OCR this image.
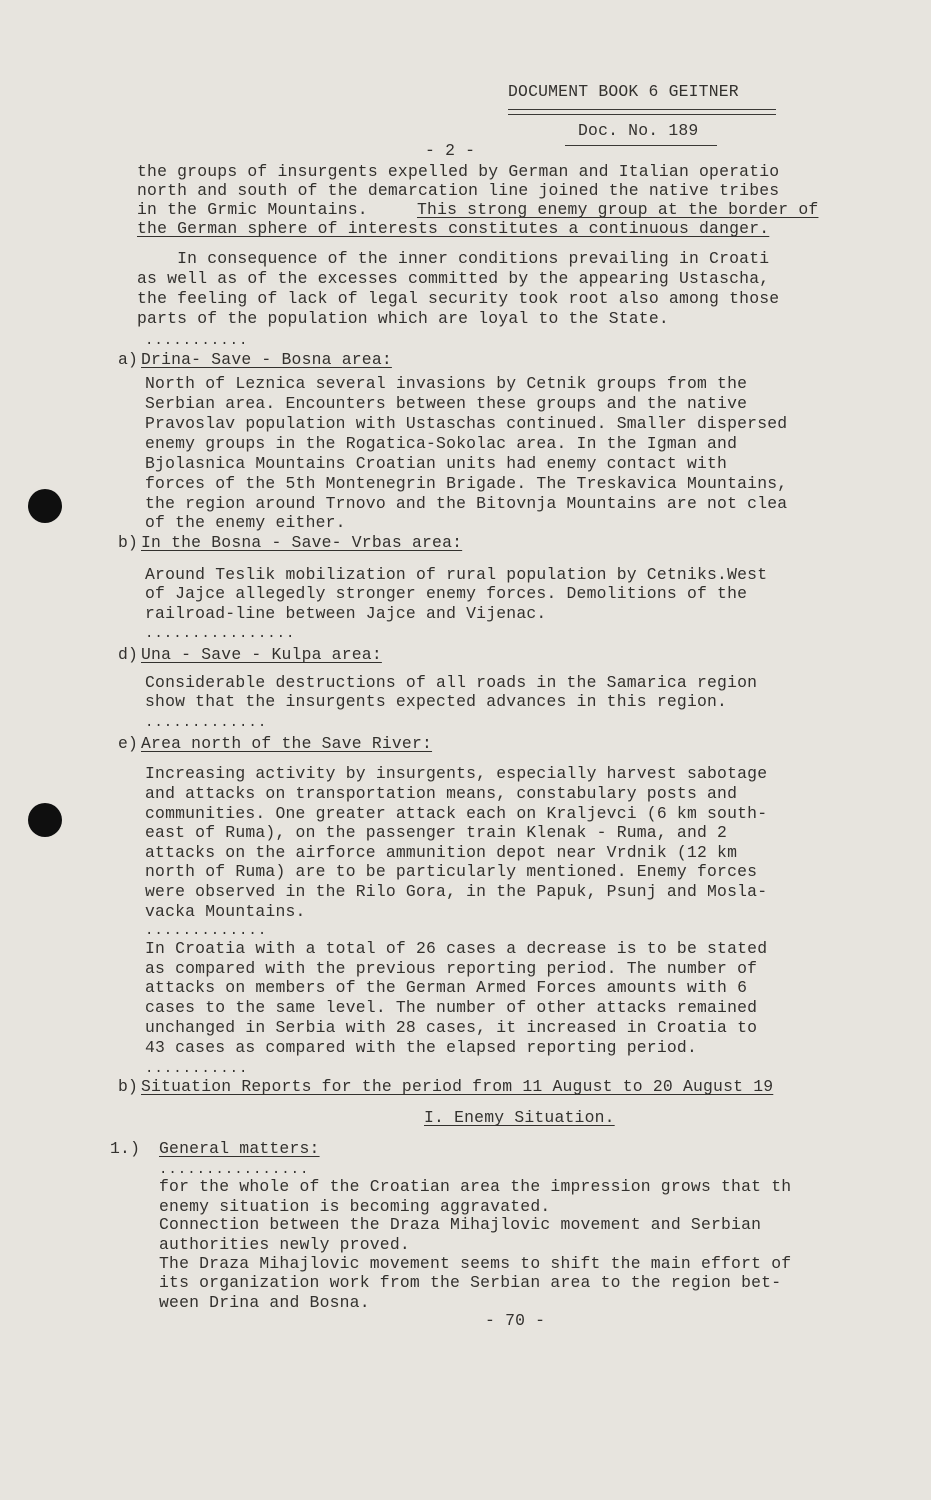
DOCUMENT BOOK 6 GEITNER
Doc. No. 189
- 2 -
the groups of insurgents expelled by German and Italian operatio
north and south of the demarcation line joined the native tribes
in the Grmic Mountains.	This strong enemy group at the border of
the German sphere of interests constitutes a continuous danger.
In consequence of the inner conditions prevailing in Croati
as well as of the excesses committed by the appearing Ustascha,
the feeling of lack of legal security took root also among those
parts of the population which are loyal to the State.
...........
a) Drina- Save - Bosna area:
North of Leznica several invasions by Cetnik groups from the
Serbian area. Encounters between these groups and the native
Pravoslav population with Ustaschas continued. Smaller dispersed
enemy groups in the Rogatica-Sokolac area. In the Igman and
Bjolasnica Mountains Croatian units had enemy contact with
forces of the 5th Montenegrin Brigade. The Treskavica Mountains,
the region around Trnovo and the Bitovnja Mountains are not clea
of the enemy either.
b) In the Bosna - Save- Vrbas area:
Around Teslik mobilization of rural population by Cetniks.West
of Jajce allegedly stronger enemy forces. Demolitions of the
railroad-line between Jajce and Vijenac.
................
d) Una - Save - Kulpa area:
Considerable destructions of all roads in the Samarica region
show that the insurgents expected advances in this region.
.............
e) Area north of the Save River:
Increasing activity by insurgents, especially harvest sabotage
and attacks on transportation means, constabulary posts and
communities. One greater attack each on Kraljevci (6 km south-
east of Ruma), on the passenger train Klenak - Ruma, and 2
attacks on the airforce ammunition depot near Vrdnik (12 km
north of Ruma) are to be particularly mentioned. Enemy forces
were observed in the Rilo Gora, in the Papuk, Psunj and Mosla-
vacka Mountains.
.............
In Croatia with a total of 26 cases a decrease is to be stated
as compared with the previous reporting period. The number of
attacks on members of the German Armed Forces amounts with 6
cases to the same level. The number of other attacks remained
unchanged in Serbia with 28 cases, it increased in Croatia to
43 cases as compared with the elapsed reporting period.
...........
b) Situation Reports for the period from 11 August to 20 August 19
I. Enemy Situation.
1.) General matters:
................
for the whole of the Croatian area the impression grows that th
enemy situation is becoming aggravated.
Connection between the Draza Mihajlovic movement and Serbian
authorities newly proved.
The Draza Mihajlovic movement seems to shift the main effort of
its organization work from the Serbian area to the region bet-
ween Drina and Bosna.
- 70 -
